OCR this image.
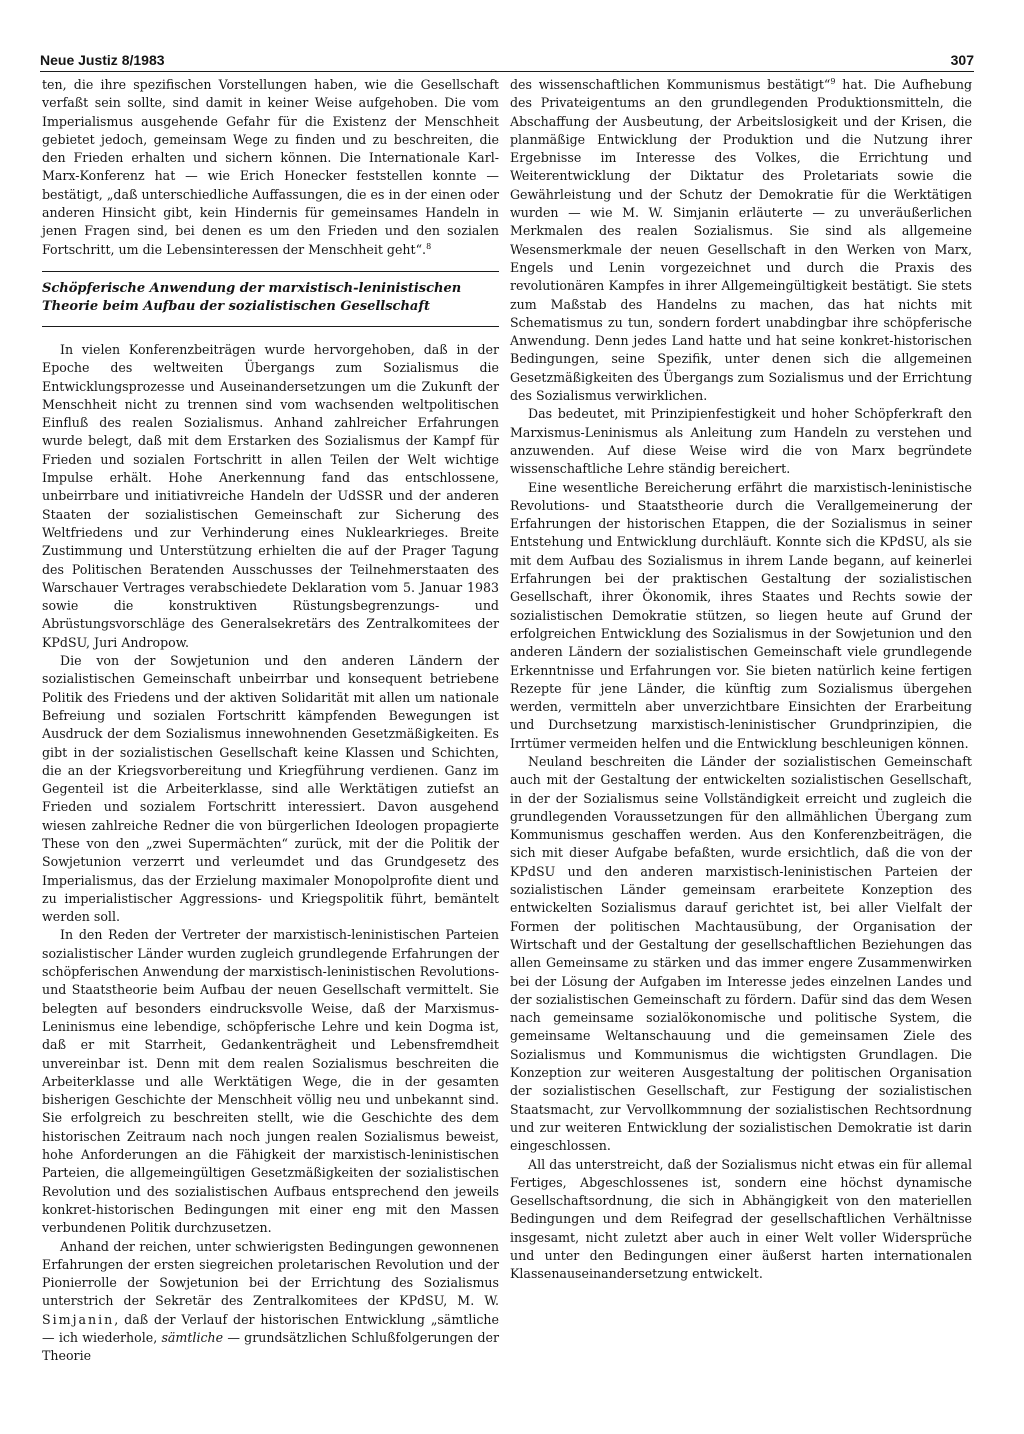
Neue Justiz 8/1983	307

ten, die ihre spezifischen Vorstellungen haben, wie die Gesellschaft verfaßt sein sollte, sind damit in keiner Weise aufgehoben. Die vom Imperialismus ausgehende Gefahr für die Existenz der Menschheit gebietet jedoch, gemeinsam Wege zu finden und zu beschreiten, die den Frieden erhalten und sichern können. Die Internationale Karl-Marx-Konferenz hat — wie Erich Honecker feststellen konnte — bestätigt, „daß unterschiedliche Auffassungen, die es in der einen oder anderen Hinsicht gibt, kein Hindernis für gemeinsames Handeln in jenen Fragen sind, bei denen es um den Frieden und den sozialen Fortschritt, um die Lebensinteressen der Menschheit geht“.$^8$

Schöpferische Anwendung der marxistisch-leninistischen Theorie beim Aufbau der sozialistischen Gesellschaft

In vielen Konferenzbeiträgen wurde hervorgehoben, daß in der Epoche des weltweiten Übergangs zum Sozialismus die Entwicklungsprozesse und Auseinandersetzungen um die Zukunft der Menschheit nicht zu trennen sind vom wachsenden weltpolitischen Einfluß des realen Sozialismus. Anhand zahlreicher Erfahrungen wurde belegt, daß mit dem Erstarken des Sozialismus der Kampf für Frieden und sozialen Fortschritt in allen Teilen der Welt wichtige Impulse erhält. Hohe Anerkennung fand das entschlossene, unbeirrbare und initiativreiche Handeln der UdSSR und der anderen Staaten der sozialistischen Gemeinschaft zur Sicherung des Weltfriedens und zur Verhinderung eines Nuklearkrieges. Breite Zustimmung und Unterstützung erhielten die auf der Prager Tagung des Politischen Beratenden Ausschusses der Teilnehmerstaaten des Warschauer Vertrages verabschiedete Deklaration vom 5. Januar 1983 sowie die konstruktiven Rüstungsbegrenzungs- und Abrüstungsvorschläge des Generalsekretärs des Zentralkomitees der KPdSU, Juri Andropow.

Die von der Sowjetunion und den anderen Ländern der sozialistischen Gemeinschaft unbeirrbar und konsequent betriebene Politik des Friedens und der aktiven Solidarität mit allen um nationale Befreiung und sozialen Fortschritt kämpfenden Bewegungen ist Ausdruck der dem Sozialismus innewohnenden Gesetzmäßigkeiten. Es gibt in der sozialistischen Gesellschaft keine Klassen und Schichten, die an der Kriegsvorbereitung und Kriegführung verdienen. Ganz im Gegenteil ist die Arbeiterklasse, sind alle Werktätigen zutiefst an Frieden und sozialem Fortschritt interessiert. Davon ausgehend wiesen zahlreiche Redner die von bürgerlichen Ideologen propagierte These von den „zwei Supermächten“ zurück, mit der die Politik der Sowjetunion verzerrt und verleumdet und das Grundgesetz des Imperialismus, das der Erzielung maximaler Monopolprofite dient und zu imperialistischer Aggressions- und Kriegspolitik führt, bemäntelt werden soll.

In den Reden der Vertreter der marxistisch-leninistischen Parteien sozialistischer Länder wurden zugleich grundlegende Erfahrungen der schöpferischen Anwendung der marxistisch-leninistischen Revolutions- und Staatstheorie beim Aufbau der neuen Gesellschaft vermittelt. Sie belegten auf besonders eindrucksvolle Weise, daß der Marxismus-Leninismus eine lebendige, schöpferische Lehre und kein Dogma ist, daß er mit Starrheit, Gedankenträgheit und Lebensfremdheit unvereinbar ist. Denn mit dem realen Sozialismus beschreiten die Arbeiterklasse und alle Werktätigen Wege, die in der gesamten bisherigen Geschichte der Menschheit völlig neu und unbekannt sind. Sie erfolgreich zu beschreiten stellt, wie die Geschichte des dem historischen Zeitraum nach noch jungen realen Sozialismus beweist, hohe Anforderungen an die Fähigkeit der marxistisch-leninistischen Parteien, die allgemeingültigen Gesetzmäßigkeiten der sozialistischen Revolution und des sozialistischen Aufbaus entsprechend den jeweils konkret-historischen Bedingungen mit einer eng mit den Massen verbundenen Politik durchzusetzen.

Anhand der reichen, unter schwierigsten Bedingungen gewonnenen Erfahrungen der ersten siegreichen proletarischen Revolution und der Pionierrolle der Sowjetunion bei der Errichtung des Sozialismus unterstrich der Sekretär des Zentralkomitees der KPdSU, M. W. Simjanin, daß der Verlauf der historischen Entwicklung „sämtliche — ich wiederhole, sämtliche — grundsätzlichen Schlußfolgerungen der Theorie

des wissenschaftlichen Kommunismus bestätigt“$^9$ hat. Die Aufhebung des Privateigentums an den grundlegenden Produktionsmitteln, die Abschaffung der Ausbeutung, der Arbeitslosigkeit und der Krisen, die planmäßige Entwicklung der Produktion und die Nutzung ihrer Ergebnisse im Interesse des Volkes, die Errichtung und Weiterentwicklung der Diktatur des Proletariats sowie die Gewährleistung und der Schutz der Demokratie für die Werktätigen wurden — wie M. W. Simjanin erläuterte — zu unveräußerlichen Merkmalen des realen Sozialismus. Sie sind als allgemeine Wesensmerkmale der neuen Gesellschaft in den Werken von Marx, Engels und Lenin vorgezeichnet und durch die Praxis des revolutionären Kampfes in ihrer Allgemeingültigkeit bestätigt. Sie stets zum Maßstab des Handelns zu machen, das hat nichts mit Schematismus zu tun, sondern fordert unabdingbar ihre schöpferische Anwendung. Denn jedes Land hatte und hat seine konkret-historischen Bedingungen, seine Spezifik, unter denen sich die allgemeinen Gesetzmäßigkeiten des Übergangs zum Sozialismus und der Errichtung des Sozialismus verwirklichen.

Das bedeutet, mit Prinzipienfestigkeit und hoher Schöpferkraft den Marxismus-Leninismus als Anleitung zum Handeln zu verstehen und anzuwenden. Auf diese Weise wird die von Marx begründete wissenschaftliche Lehre ständig bereichert.

Eine wesentliche Bereicherung erfährt die marxistisch-leninistische Revolutions- und Staatstheorie durch die Verallgemeinerung der Erfahrungen der historischen Etappen, die der Sozialismus in seiner Entstehung und Entwicklung durchläuft. Konnte sich die KPdSU, als sie mit dem Aufbau des Sozialismus in ihrem Lande begann, auf keinerlei Erfahrungen bei der praktischen Gestaltung der sozialistischen Gesellschaft, ihrer Ökonomik, ihres Staates und Rechts sowie der sozialistischen Demokratie stützen, so liegen heute auf Grund der erfolgreichen Entwicklung des Sozialismus in der Sowjetunion und den anderen Ländern der sozialistischen Gemeinschaft viele grundlegende Erkenntnisse und Erfahrungen vor. Sie bieten natürlich keine fertigen Rezepte für jene Länder, die künftig zum Sozialismus übergehen werden, vermitteln aber unverzichtbare Einsichten der Erarbeitung und Durchsetzung marxistisch-leninistischer Grundprinzipien, die Irrtümer vermeiden helfen und die Entwicklung beschleunigen können.

Neuland beschreiten die Länder der sozialistischen Gemeinschaft auch mit der Gestaltung der entwickelten sozialistischen Gesellschaft, in der der Sozialismus seine Vollständigkeit erreicht und zugleich die grundlegenden Voraussetzungen für den allmählichen Übergang zum Kommunismus geschaffen werden. Aus den Konferenzbeiträgen, die sich mit dieser Aufgabe befaßten, wurde ersichtlich, daß die von der KPdSU und den anderen marxistisch-leninistischen Parteien der sozialistischen Länder gemeinsam erarbeitete Konzeption des entwickelten Sozialismus darauf gerichtet ist, bei aller Vielfalt der Formen der politischen Machtausübung, der Organisation der Wirtschaft und der Gestaltung der gesellschaftlichen Beziehungen das allen Gemeinsame zu stärken und das immer engere Zusammenwirken bei der Lösung der Aufgaben im Interesse jedes einzelnen Landes und der sozialistischen Gemeinschaft zu fördern. Dafür sind das dem Wesen nach gemeinsame sozialökonomische und politische System, die gemeinsame Weltanschauung und die gemeinsamen Ziele des Sozialismus und Kommunismus die wichtigsten Grundlagen. Die Konzeption zur weiteren Ausgestaltung der politischen Organisation der sozialistischen Gesellschaft, zur Festigung der sozialistischen Staatsmacht, zur Vervollkommnung der sozialistischen Rechtsordnung und zur weiteren Entwicklung der sozialistischen Demokratie ist darin eingeschlossen.

All das unterstreicht, daß der Sozialismus nicht etwas ein für allemal Fertiges, Abgeschlossenes ist, sondern eine höchst dynamische Gesellschaftsordnung, die sich in Abhängigkeit von den materiellen Bedingungen und dem Reifegrad der gesellschaftlichen Verhältnisse insgesamt, nicht zuletzt aber auch in einer Welt voller Widersprüche und unter den Bedingungen einer äußerst harten internationalen Klassenauseinandersetzung entwickelt.
